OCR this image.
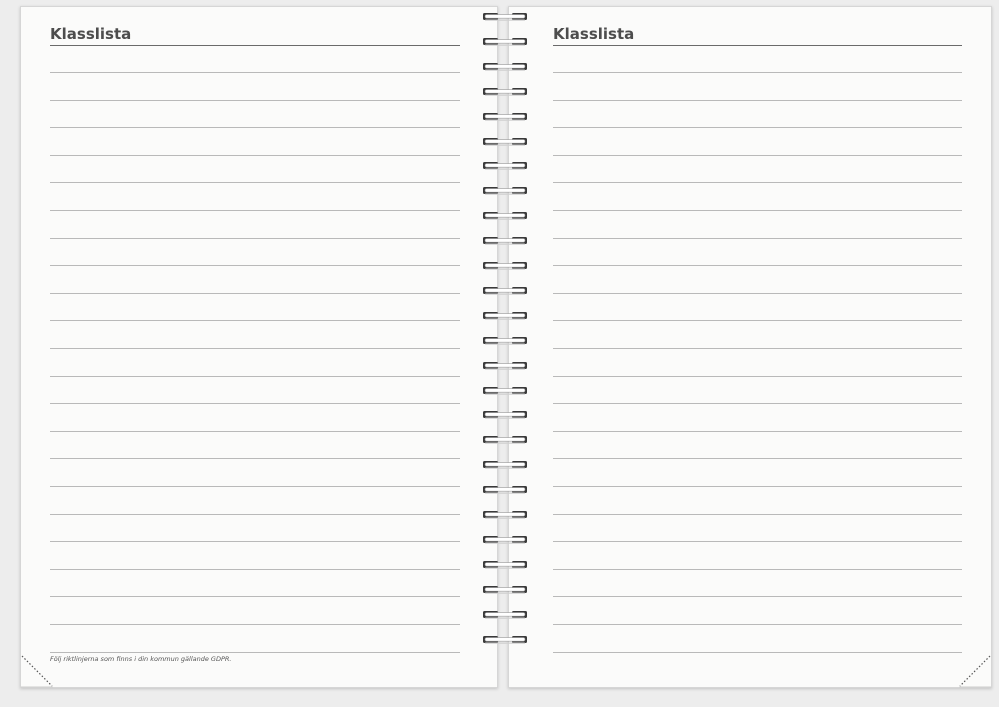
Klasslista

Följ riktlinjerna som finns i din kommun gällande GDPR.

Klasslista
